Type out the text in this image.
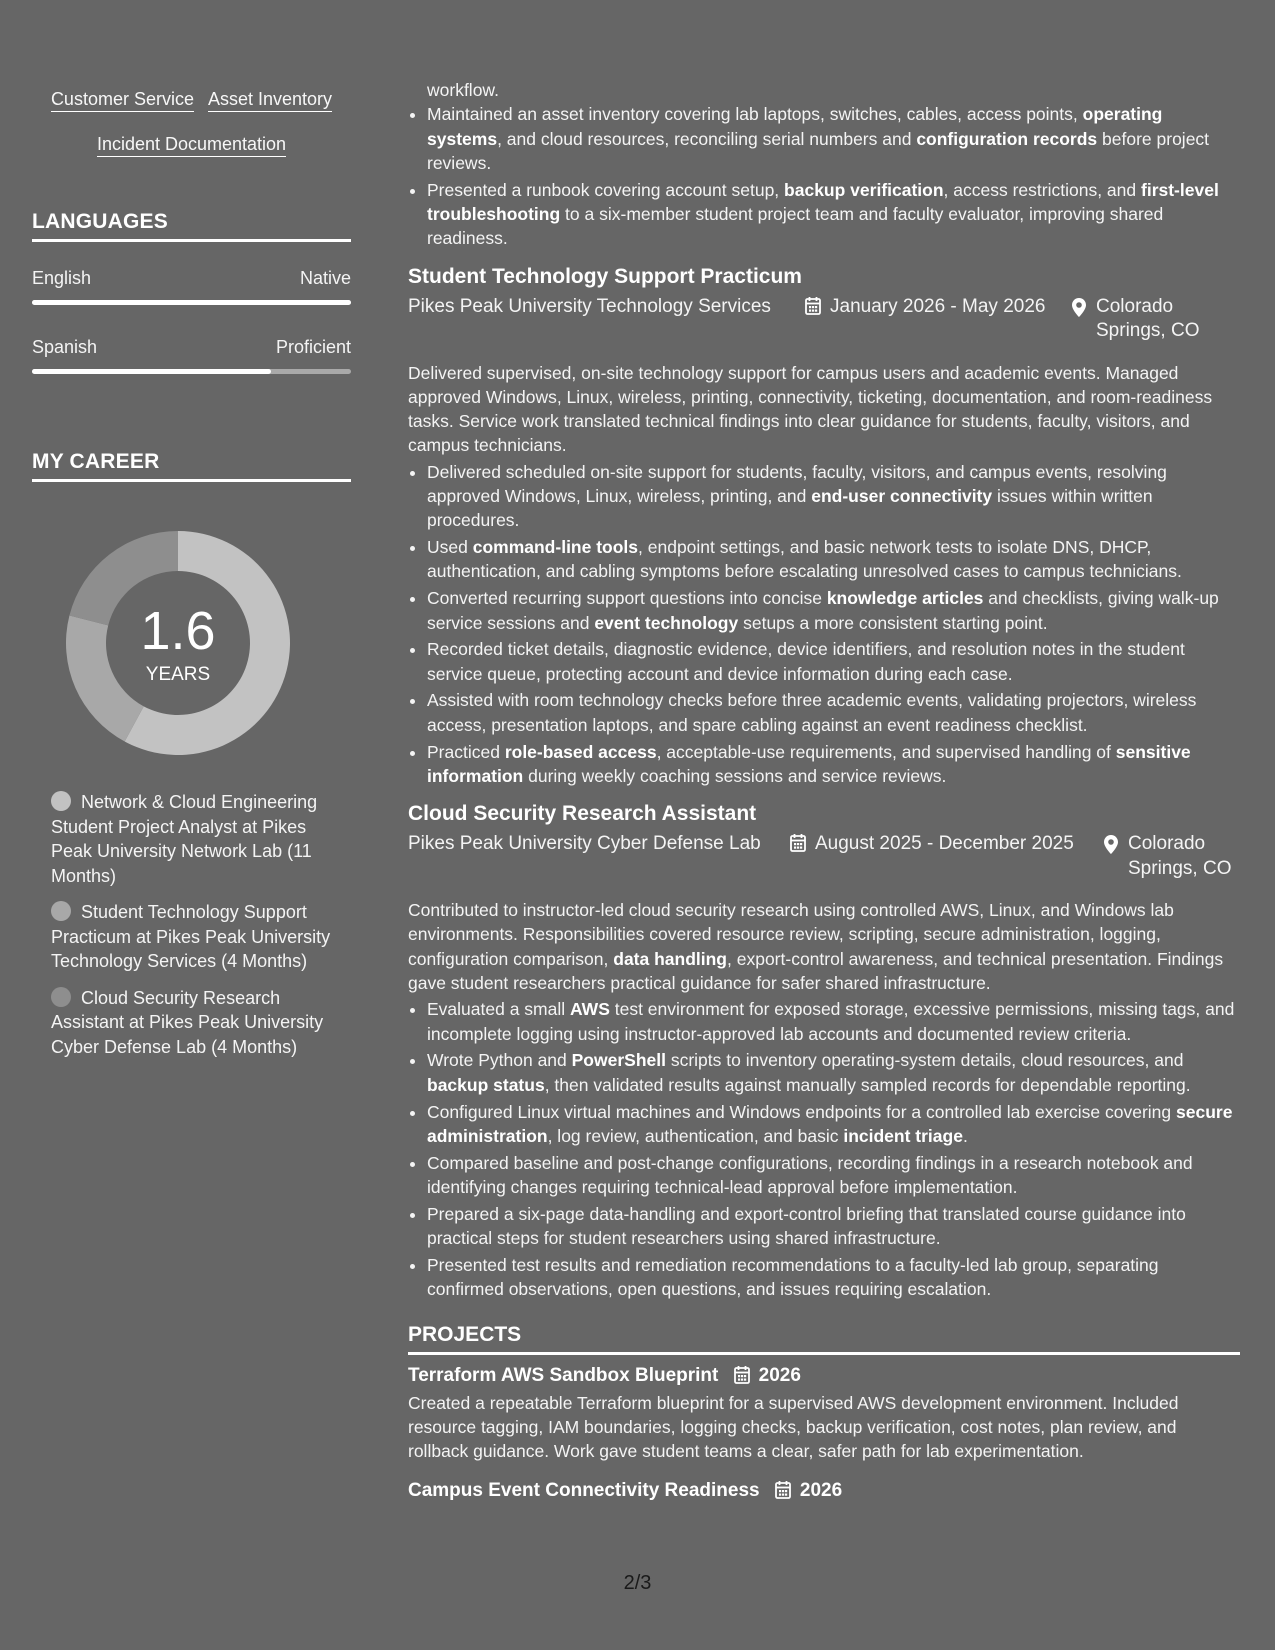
Customer Service Asset Inventory
Incident Documentation
LANGUAGES
English	Native
Spanish	Proficient
MY CAREER
1.6
YEARS
Network & Cloud Engineering Student Project Analyst at Pikes Peak University Network Lab (11 Months)
Student Technology Support Practicum at Pikes Peak University Technology Services (4 Months)
Cloud Security Research Assistant at Pikes Peak University Cyber Defense Lab (4 Months)
workflow.
• Maintained an asset inventory covering lab laptops, switches, cables, access points, operating systems, and cloud resources, reconciling serial numbers and configuration records before project reviews.
• Presented a runbook covering account setup, backup verification, access restrictions, and first-level troubleshooting to a six-member student project team and faculty evaluator, improving shared readiness.
Student Technology Support Practicum
Pikes Peak University Technology Services	January 2026 - May 2026	Colorado Springs, CO
Delivered supervised, on-site technology support for campus users and academic events. Managed approved Windows, Linux, wireless, printing, connectivity, ticketing, documentation, and room-readiness tasks. Service work translated technical findings into clear guidance for students, faculty, visitors, and campus technicians.
• Delivered scheduled on-site support for students, faculty, visitors, and campus events, resolving approved Windows, Linux, wireless, printing, and end-user connectivity issues within written procedures.
• Used command-line tools, endpoint settings, and basic network tests to isolate DNS, DHCP, authentication, and cabling symptoms before escalating unresolved cases to campus technicians.
• Converted recurring support questions into concise knowledge articles and checklists, giving walk-up service sessions and event technology setups a more consistent starting point.
• Recorded ticket details, diagnostic evidence, device identifiers, and resolution notes in the student service queue, protecting account and device information during each case.
• Assisted with room technology checks before three academic events, validating projectors, wireless access, presentation laptops, and spare cabling against an event readiness checklist.
• Practiced role-based access, acceptable-use requirements, and supervised handling of sensitive information during weekly coaching sessions and service reviews.
Cloud Security Research Assistant
Pikes Peak University Cyber Defense Lab	August 2025 - December 2025	Colorado Springs, CO
Contributed to instructor-led cloud security research using controlled AWS, Linux, and Windows lab environments. Responsibilities covered resource review, scripting, secure administration, logging, configuration comparison, data handling, export-control awareness, and technical presentation. Findings gave student researchers practical guidance for safer shared infrastructure.
• Evaluated a small AWS test environment for exposed storage, excessive permissions, missing tags, and incomplete logging using instructor-approved lab accounts and documented review criteria.
• Wrote Python and PowerShell scripts to inventory operating-system details, cloud resources, and backup status, then validated results against manually sampled records for dependable reporting.
• Configured Linux virtual machines and Windows endpoints for a controlled lab exercise covering secure administration, log review, authentication, and basic incident triage.
• Compared baseline and post-change configurations, recording findings in a research notebook and identifying changes requiring technical-lead approval before implementation.
• Prepared a six-page data-handling and export-control briefing that translated course guidance into practical steps for student researchers using shared infrastructure.
• Presented test results and remediation recommendations to a faculty-led lab group, separating confirmed observations, open questions, and issues requiring escalation.
PROJECTS
Terraform AWS Sandbox Blueprint 2026
Created a repeatable Terraform blueprint for a supervised AWS development environment. Included resource tagging, IAM boundaries, logging checks, backup verification, cost notes, plan review, and rollback guidance. Work gave student teams a clear, safer path for lab experimentation.
Campus Event Connectivity Readiness 2026
2/3
